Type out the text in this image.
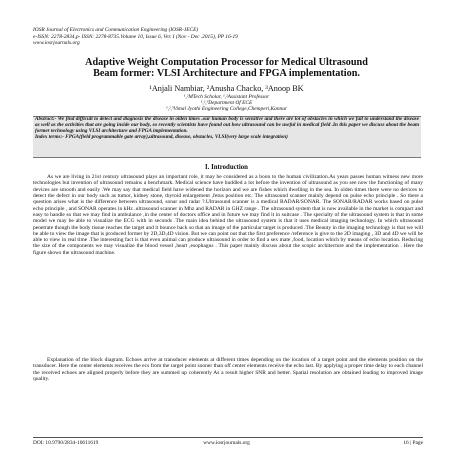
IOSR Journal of Electronics and Communication Engineering (IOSR-JECE)
e-ISSN: 2278-2834,p- ISSN: 2278-8735.Volume 10, Issue 6, Ver. I (Nov - Dec .2015), PP 16-19
www.iosrjournals.org
Adaptive Weight Computation Processor for Medical Ultrasound
Beam former: VLSI Architecture and FPGA implementation.
¹Anjali Nambiar, ²Anusha Chacko, ³Anoop BK
¹,²MTech Scholar, ¹,²Assistant Professor
¹,²,³Department Of ECE
¹,²,³Vimal Jyothi Engineering College,Chemperi,Kannur
Abstract:- We find difficult to detect and diagnosis the disease in olden times .our human body is sensitive and there are lot of obstacles in which we fail to understand the disease as well as the activities that are going inside our body, so recently scientists have found out how ultrasound can be useful in medical field .In this paper we discuss about the beam former technology using VLSI architecture and FPGA implementation.
Index terms:- FPGA(field programmable gate array),ultrasound, disease, obstacles, VLSI(very large scale integration)
I. Introduction
As we are living in 21st century ultrasound plays an important role, it may be considered as a boon to the human civilization.As years passes human witness new more technologies but invention of ultrasound remains a benchmark. Medical science have huddled a lot before the invention of ultrasound as you see now the functioning of many devices are smooth and easily .We may say that medical field have widened the horizon and we are fishes which dwelling in the sea. In olden times there were no devices to detect the defect in our body such as tumor, kidney stone, thyroid enlargement ,fetus position etc. The ultrasound scanner mainly depend on pulse echo principle . So there a question arises what is the difference between ultrasound, sonar and radar ?.Ultrasound scanner is a medical RADAR/SONAR. The SONAR/RADAR works based on pulse echo principle , and SONAR operates in kHz .ultrasound scanner in Mhz and RADAR in GHZ range . The ultrasound system that is now available in the market is compact and easy to handle so that we may find in ambulance ,in the center of doctors office and in future we may find it in suitcase . The specialty of the ultrasound system is that in some model we may be able to visualize the ECG with in seconds .The main idea behind the ultrasound system is that it uses medical imaging technology. In which ultrasound penetrate though the body tissue reaches the target and it bounce back so that an image of the particular target is produced .The Beauty in the imaging technology is that we will be able to view the image that is produced former by 2D,3D,4D vision. But we can point out that the first preference /reference is give to the 2D imaging , 3D and 4D we will be able to view in real time .The interesting fact is that even animal can produce ultrasound in order to find a sex mate ,food, location which by means of echo location. Reducing the size of the components we may visualize the blood vessel ,heart ,esophagus . This paper mainly discuss about the scopic architecture and the implementation . Here the figure shows the ultrasound machine.
Explanation of the block diagram. Echoes arrive at transducer elements at different times depending on the location of a target point and the elements position on the transducer. Here the center elements receives the ecs from the target point sooner than off center elements receive the echo last. By applying a proper time delay to each channel the received echoes are aligned properly before they are summed up coherently As a result higher SNR and better. Spatial resolution are obtained leading to improved image quality.
DOI: 10.9790/2834-10611619	www.iosrjournals.org	16 | Page
